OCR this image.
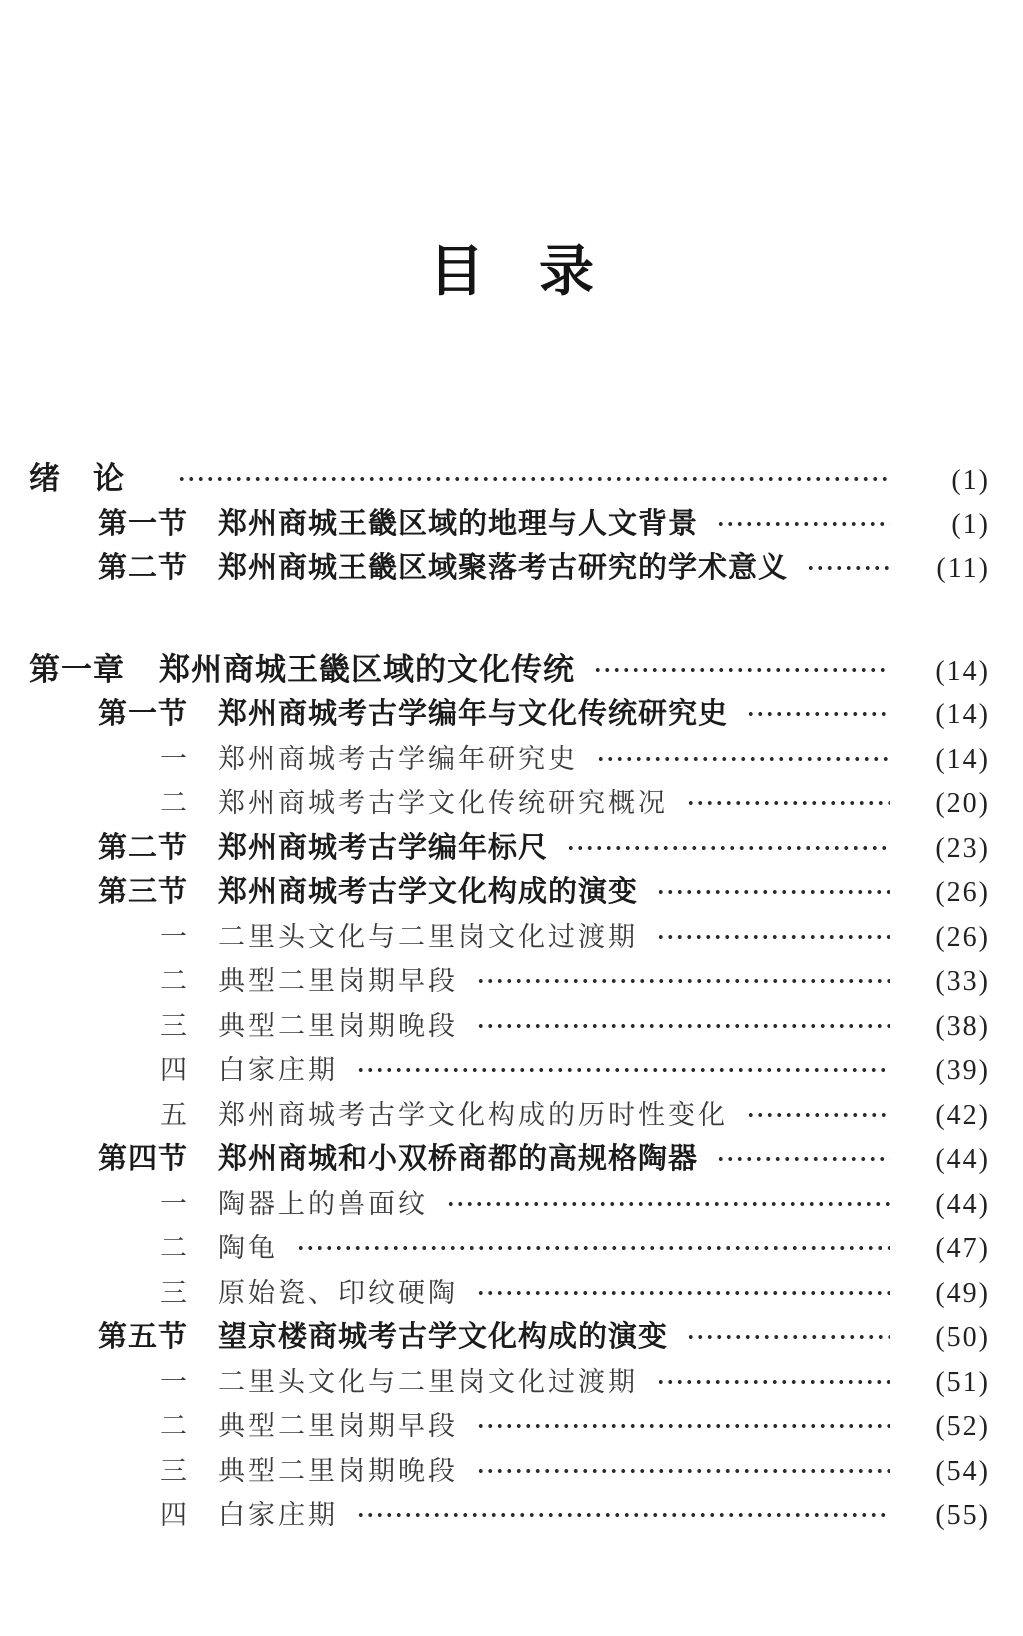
目　录
绪　论	(1)
第一节 郑州商城王畿区域的地理与人文背景	(1)
第二节 郑州商城王畿区域聚落考古研究的学术意义	(11)
第一章 郑州商城王畿区域的文化传统	(14)
第一节 郑州商城考古学编年与文化传统研究史	(14)
一 郑州商城考古学编年研究史	(14)
二 郑州商城考古学文化传统研究概况	(20)
第二节 郑州商城考古学编年标尺	(23)
第三节 郑州商城考古学文化构成的演变	(26)
一 二里头文化与二里岗文化过渡期	(26)
二 典型二里岗期早段	(33)
三 典型二里岗期晚段	(38)
四 白家庄期	(39)
五 郑州商城考古学文化构成的历时性变化	(42)
第四节 郑州商城和小双桥商都的高规格陶器	(44)
一 陶器上的兽面纹	(44)
二 陶龟	(47)
三 原始瓷、印纹硬陶	(49)
第五节 望京楼商城考古学文化构成的演变	(50)
一 二里头文化与二里岗文化过渡期	(51)
二 典型二里岗期早段	(52)
三 典型二里岗期晚段	(54)
四 白家庄期	(55)
